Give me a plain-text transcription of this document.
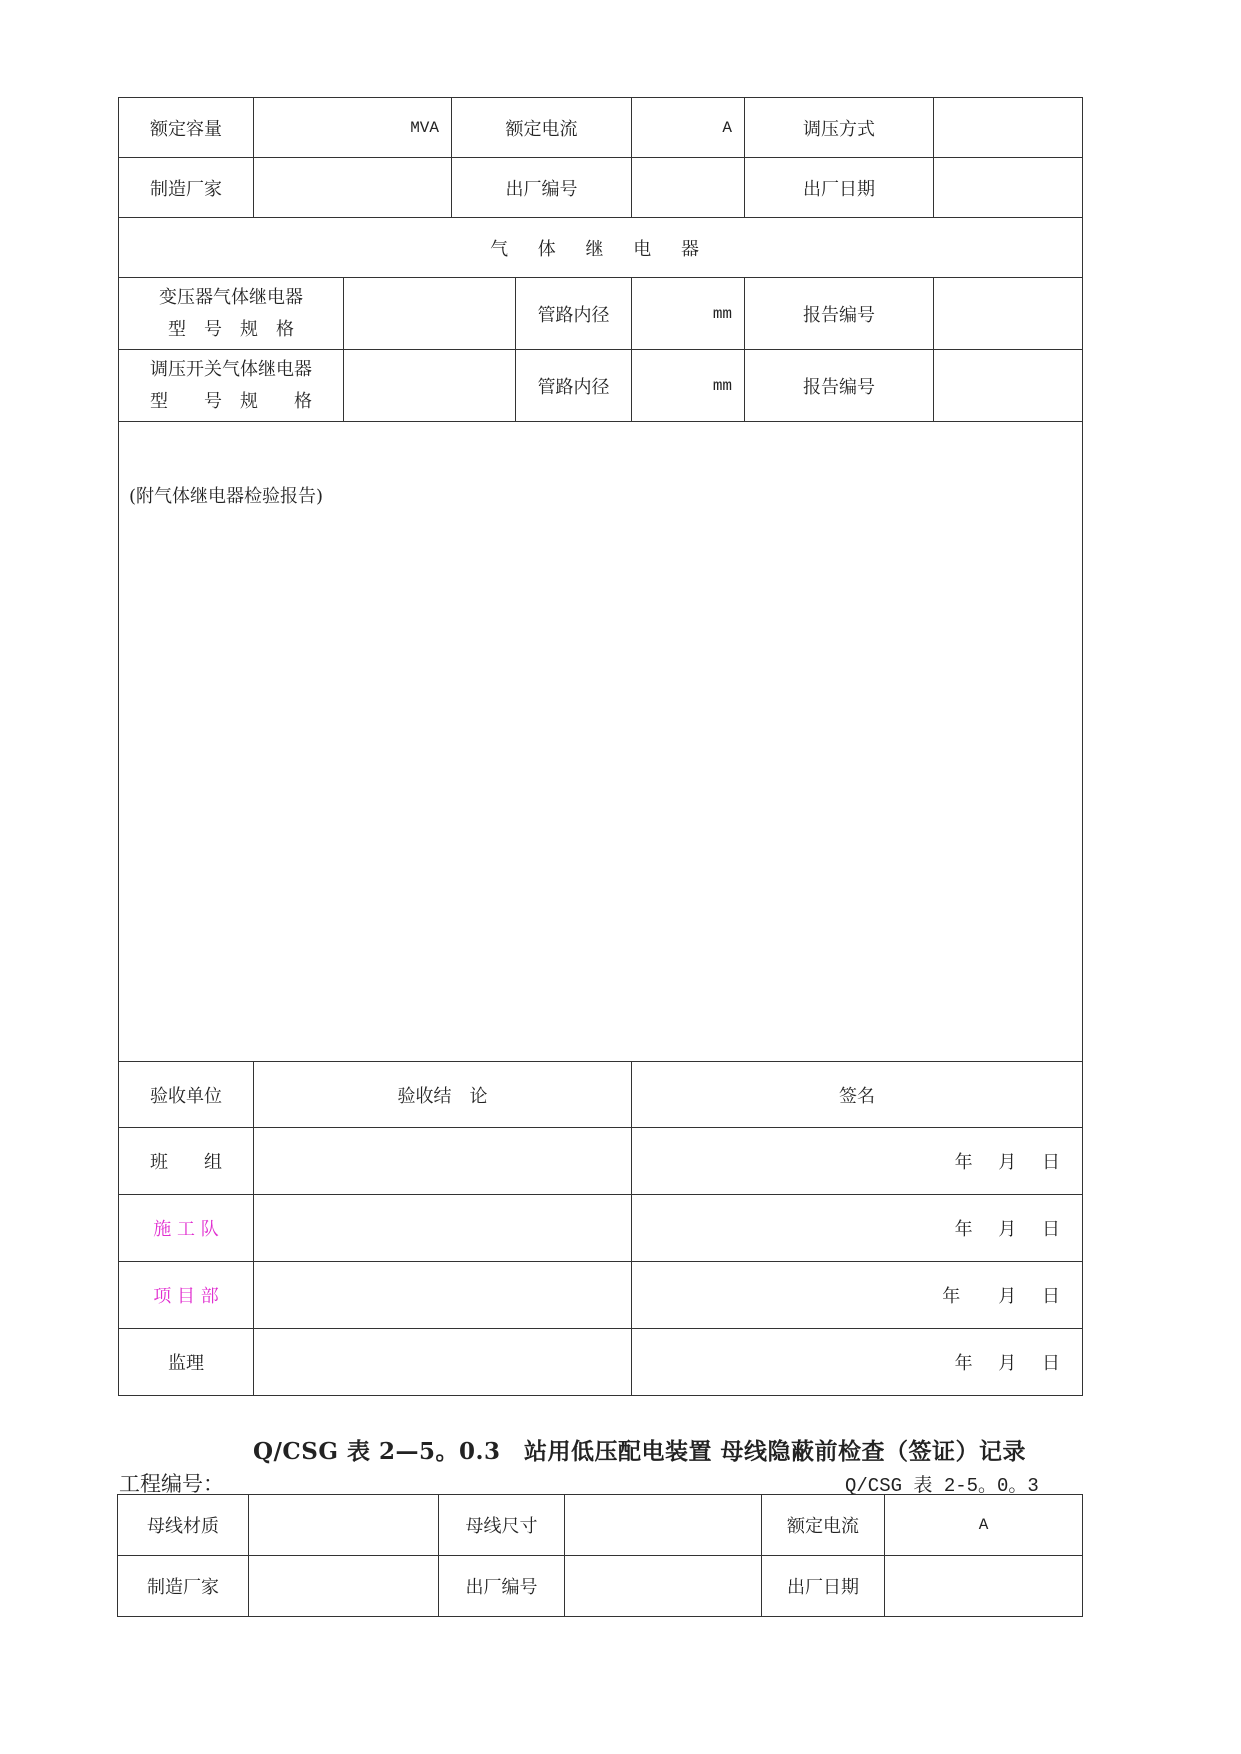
额定容量	MVA		额定电流		A	调压方式	
制造厂家			出厂编号			出厂日期	
气 体 继 电 器							

变压器气体继电器
型　号　规　格				管路内径	mm	报告编号	

调压开关气体继电器
型　　号　规　　格				管路内径	mm	报告编号	
(附气体继电器检验报告)							
验收单位	验收结　论				签名		
班　　组					年 月 日		
施 工 队					年 月 日		
项 目 部					年　月 日		
监理					年 月 日		
Q/CSG 表 2—5。0.3　站用低压配电装置 母线隐蔽前检查（签证）记录
工程编号：	Q/CSG 表 2-5。0。3
母线材质		母线尺寸		额定电流	A
制造厂家		出厂编号		出厂日期	
